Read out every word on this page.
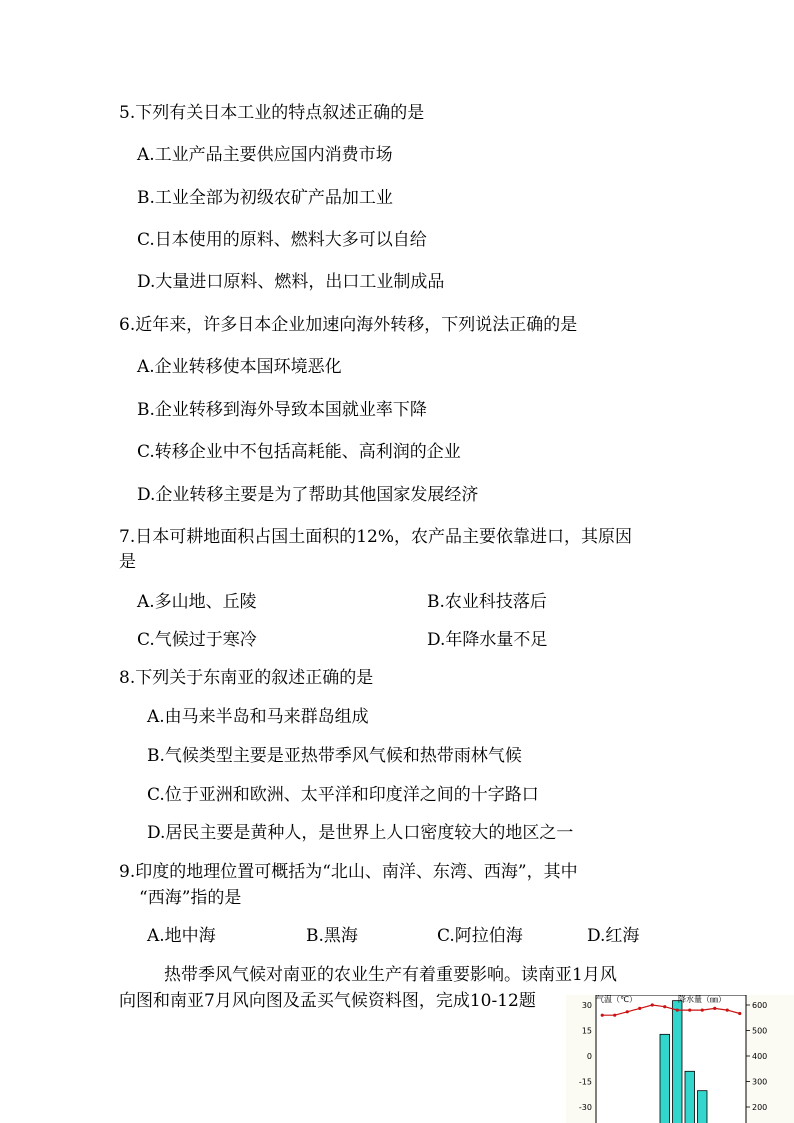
5.下列有关日本工业的特点叙述正确的是
A.工业产品主要供应国内消费市场
B.工业全部为初级农矿产品加工业
C.日本使用的原料、燃料大多可以自给
D.大量进口原料、燃料，出口工业制成品
6.近年来，许多日本企业加速向海外转移，下列说法正确的是
A.企业转移使本国环境恶化
B.企业转移到海外导致本国就业率下降
C.转移企业中不包括高耗能、高利润的企业
D.企业转移主要是为了帮助其他国家发展经济
7.日本可耕地面积占国土面积的12%，农产品主要依靠进口，其原因
是
A.多山地、丘陵	B.农业科技落后
C.气候过于寒冷	D.年降水量不足
8.下列关于东南亚的叙述正确的是
A.由马来半岛和马来群岛组成
B.气候类型主要是亚热带季风气候和热带雨林气候
C.位于亚洲和欧洲、太平洋和印度洋之间的十字路口
D.居民主要是黄种人，是世界上人口密度较大的地区之一
9.印度的地理位置可概括为“北山、南洋、东湾、西海”，其中
“西海”指的是
A.地中海	B.黑海	C.阿拉伯海	D.红海
热带季风气候对南亚的农业生产有着重要影响。读南亚1月风
向图和南亚7月风向图及孟买气候资料图，完成10-12题	气温（℃）	降水量（㎜）
30
15
0
-15
-30
600
500
400
300
200
